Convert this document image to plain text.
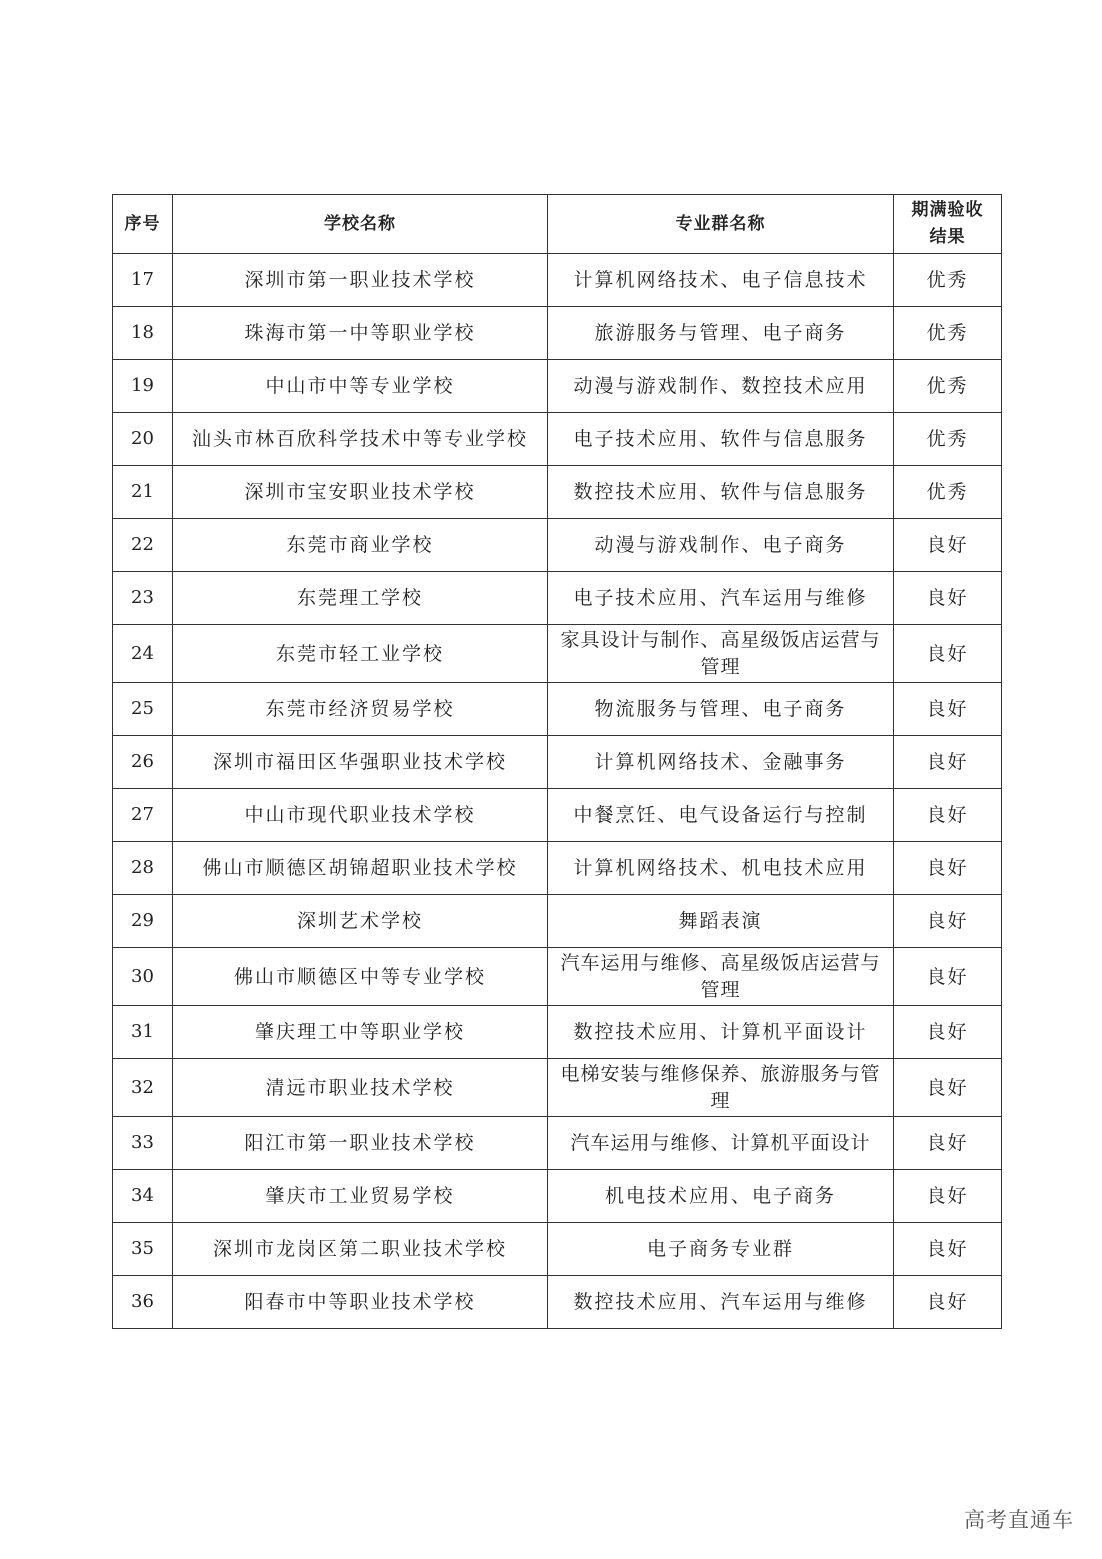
序号	学校名称	专业群名称	期满验收结果
17	深圳市第一职业技术学校	计算机网络技术、电子信息技术	优秀
18	珠海市第一中等职业学校	旅游服务与管理、电子商务	优秀
19	中山市中等专业学校	动漫与游戏制作、数控技术应用	优秀
20	汕头市林百欣科学技术中等专业学校	电子技术应用、软件与信息服务	优秀
21	深圳市宝安职业技术学校	数控技术应用、软件与信息服务	优秀
22	东莞市商业学校	动漫与游戏制作、电子商务	良好
23	东莞理工学校	电子技术应用、汽车运用与维修	良好
24	东莞市轻工业学校	家具设计与制作、高星级饭店运营与管理	良好
25	东莞市经济贸易学校	物流服务与管理、电子商务	良好
26	深圳市福田区华强职业技术学校	计算机网络技术、金融事务	良好
27	中山市现代职业技术学校	中餐烹饪、电气设备运行与控制	良好
28	佛山市顺德区胡锦超职业技术学校	计算机网络技术、机电技术应用	良好
29	深圳艺术学校	舞蹈表演	良好
30	佛山市顺德区中等专业学校	汽车运用与维修、高星级饭店运营与管理	良好
31	肇庆理工中等职业学校	数控技术应用、计算机平面设计	良好
32	清远市职业技术学校	电梯安装与维修保养、旅游服务与管理	良好
33	阳江市第一职业技术学校	汽车运用与维修、计算机平面设计	良好
34	肇庆市工业贸易学校	机电技术应用、电子商务	良好
35	深圳市龙岗区第二职业技术学校	电子商务专业群	良好
36	阳春市中等职业技术学校	数控技术应用、汽车运用与维修	良好
高考直通车
